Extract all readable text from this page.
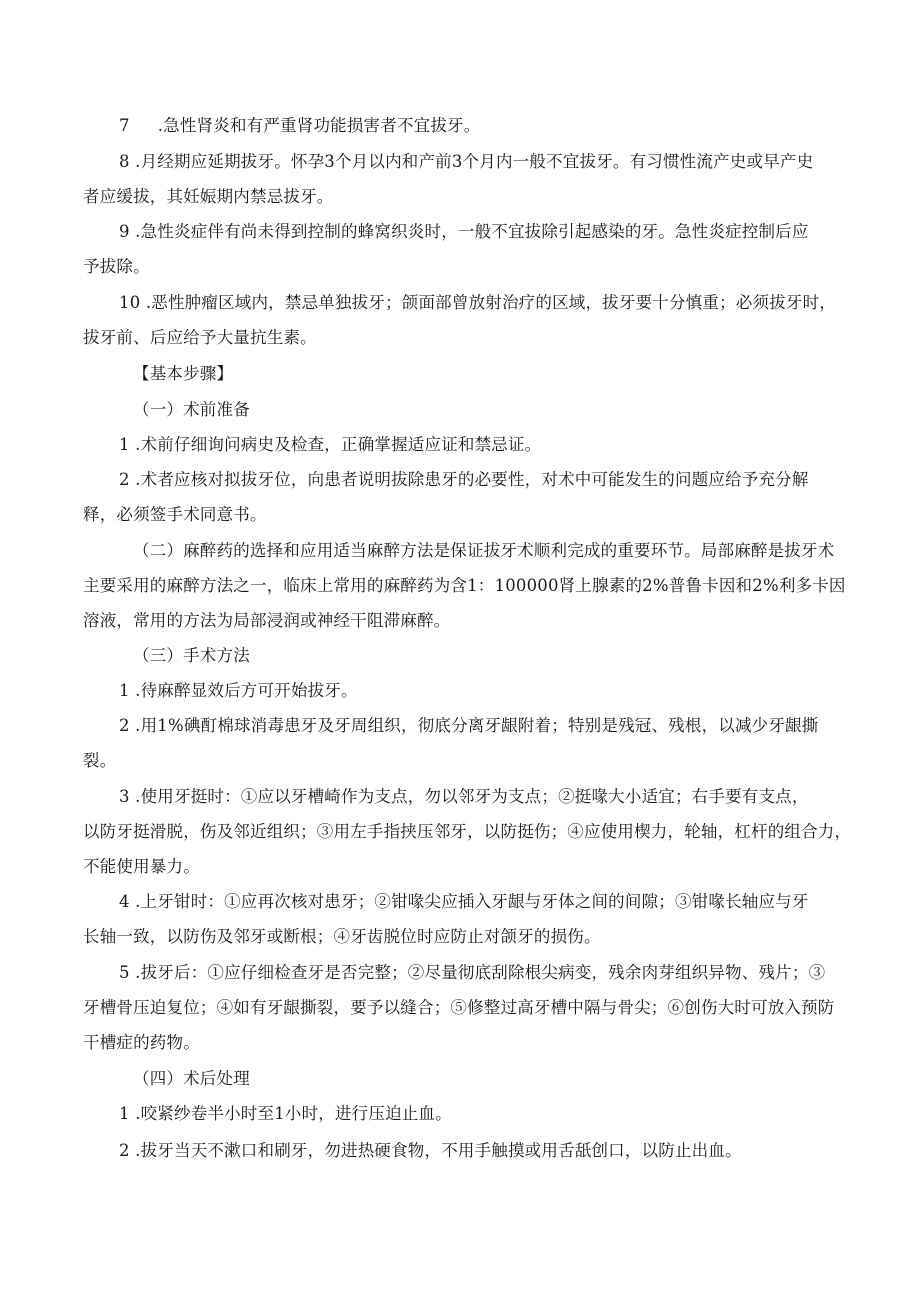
7 .急性肾炎和有严重肾功能损害者不宜拔牙。
8 .月经期应延期拔牙。怀孕3个月以内和产前3个月内一般不宜拔牙。有习惯性流产史或早产史
者应缓拔，其妊娠期内禁忌拔牙。
9 .急性炎症伴有尚未得到控制的蜂窝织炎时，一般不宜拔除引起感染的牙。急性炎症控制后应
予拔除。
10 .恶性肿瘤区域内，禁忌单独拔牙；颌面部曾放射治疗的区域，拔牙要十分慎重；必须拔牙时，
拔牙前、后应给予大量抗生素。
【基本步骤】
（一）术前准备
1 .术前仔细询问病史及检查，正确掌握适应证和禁忌证。
2 .术者应核对拟拔牙位，向患者说明拔除患牙的必要性，对术中可能发生的问题应给予充分解
释，必须签手术同意书。
（二）麻醉药的选择和应用适当麻醉方法是保证拔牙术顺利完成的重要环节。局部麻醉是拔牙术
主要采用的麻醉方法之一，临床上常用的麻醉药为含1：100000肾上腺素的2%普鲁卡因和2%利多卡因
溶液，常用的方法为局部浸润或神经干阻滞麻醉。
（三）手术方法
1 .待麻醉显效后方可开始拔牙。
2 .用1%碘酊棉球消毒患牙及牙周组织，彻底分离牙龈附着；特别是残冠、残根，以减少牙龈撕
裂。
3 .使用牙挺时：①应以牙槽崎作为支点，勿以邻牙为支点；②挺喙大小适宜；右手要有支点，
以防牙挺滑脱，伤及邻近组织；③用左手指挟压邻牙，以防挺伤；④应使用楔力，轮轴，杠杆的组合力，
不能使用暴力。
4 .上牙钳时：①应再次核对患牙；②钳喙尖应插入牙龈与牙体之间的间隙；③钳喙长轴应与牙
长轴一致，以防伤及邻牙或断根；④牙齿脱位时应防止对颌牙的损伤。
5 .拔牙后：①应仔细检查牙是否完整；②尽量彻底刮除根尖病变，残余肉芽组织异物、残片；③
牙槽骨压迫复位；④如有牙龈撕裂，要予以缝合；⑤修整过高牙槽中隔与骨尖；⑥创伤大时可放入预防
干槽症的药物。
（四）术后处理
1 .咬紧纱卷半小时至1小时，进行压迫止血。
2 .拔牙当天不漱口和刷牙，勿进热硬食物，不用手触摸或用舌舐创口，以防止出血。
